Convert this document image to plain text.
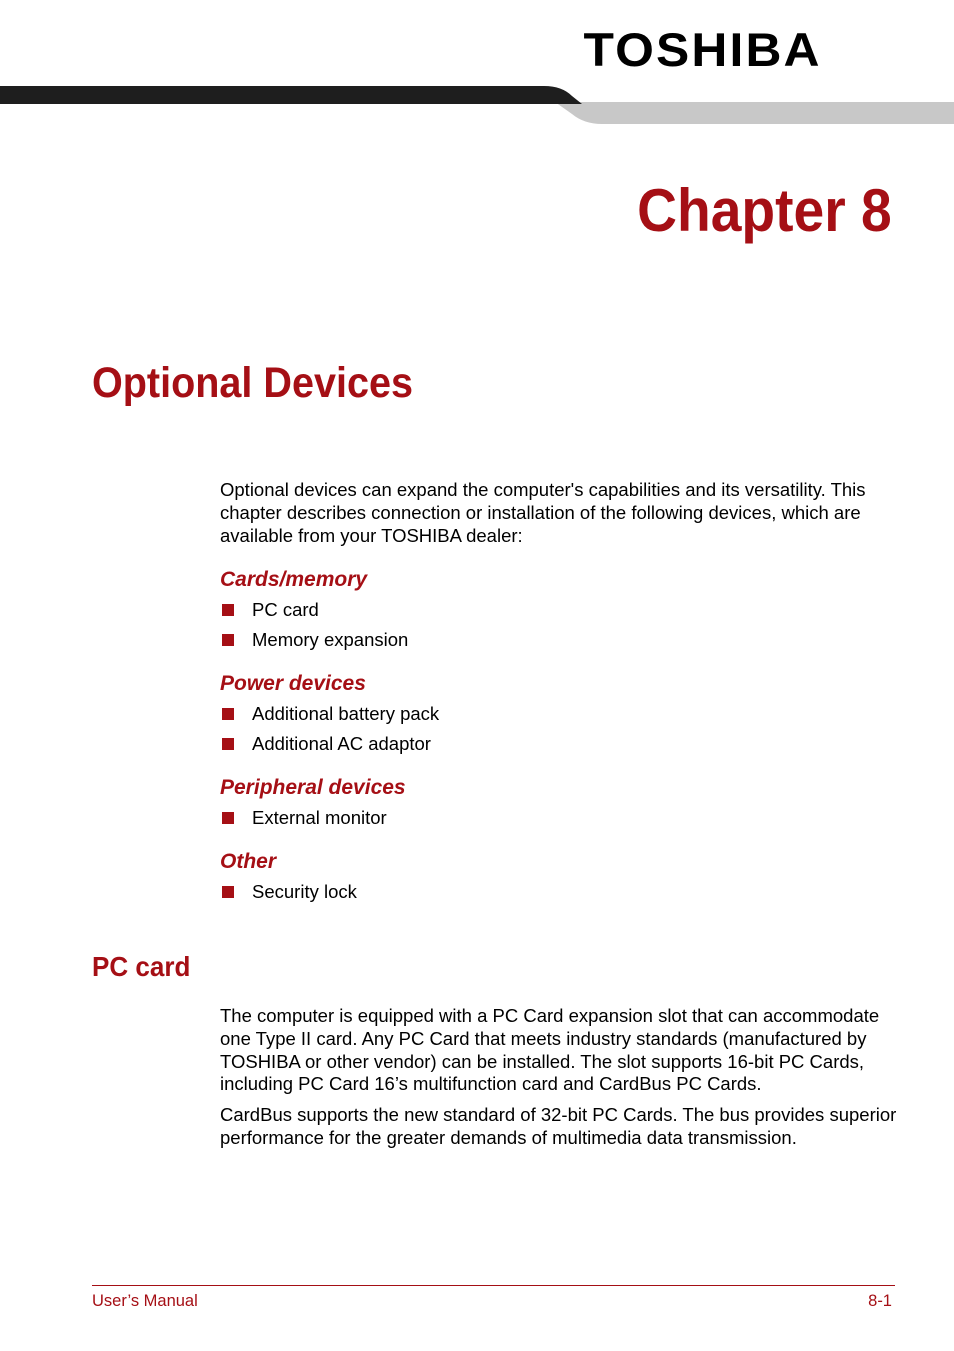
TOSHIBA
Chapter 8
Optional Devices

Optional devices can expand the computer's capabilities and its versatility. This chapter describes connection or installation of the following devices, which are available from your TOSHIBA dealer:

Cards/memory
PC card
Memory expansion
Power devices
Additional battery pack
Additional AC adaptor
Peripheral devices
External monitor
Other
Security lock
PC card

The computer is equipped with a PC Card expansion slot that can accommodate one Type II card. Any PC Card that meets industry standards (manufactured by TOSHIBA or other vendor) can be installed. The slot supports 16-bit PC Cards, including PC Card 16’s multifunction card and CardBus PC Cards.

CardBus supports the new standard of 32-bit PC Cards. The bus provides superior performance for the greater demands of multimedia data transmission.

User’s Manual	8-1
